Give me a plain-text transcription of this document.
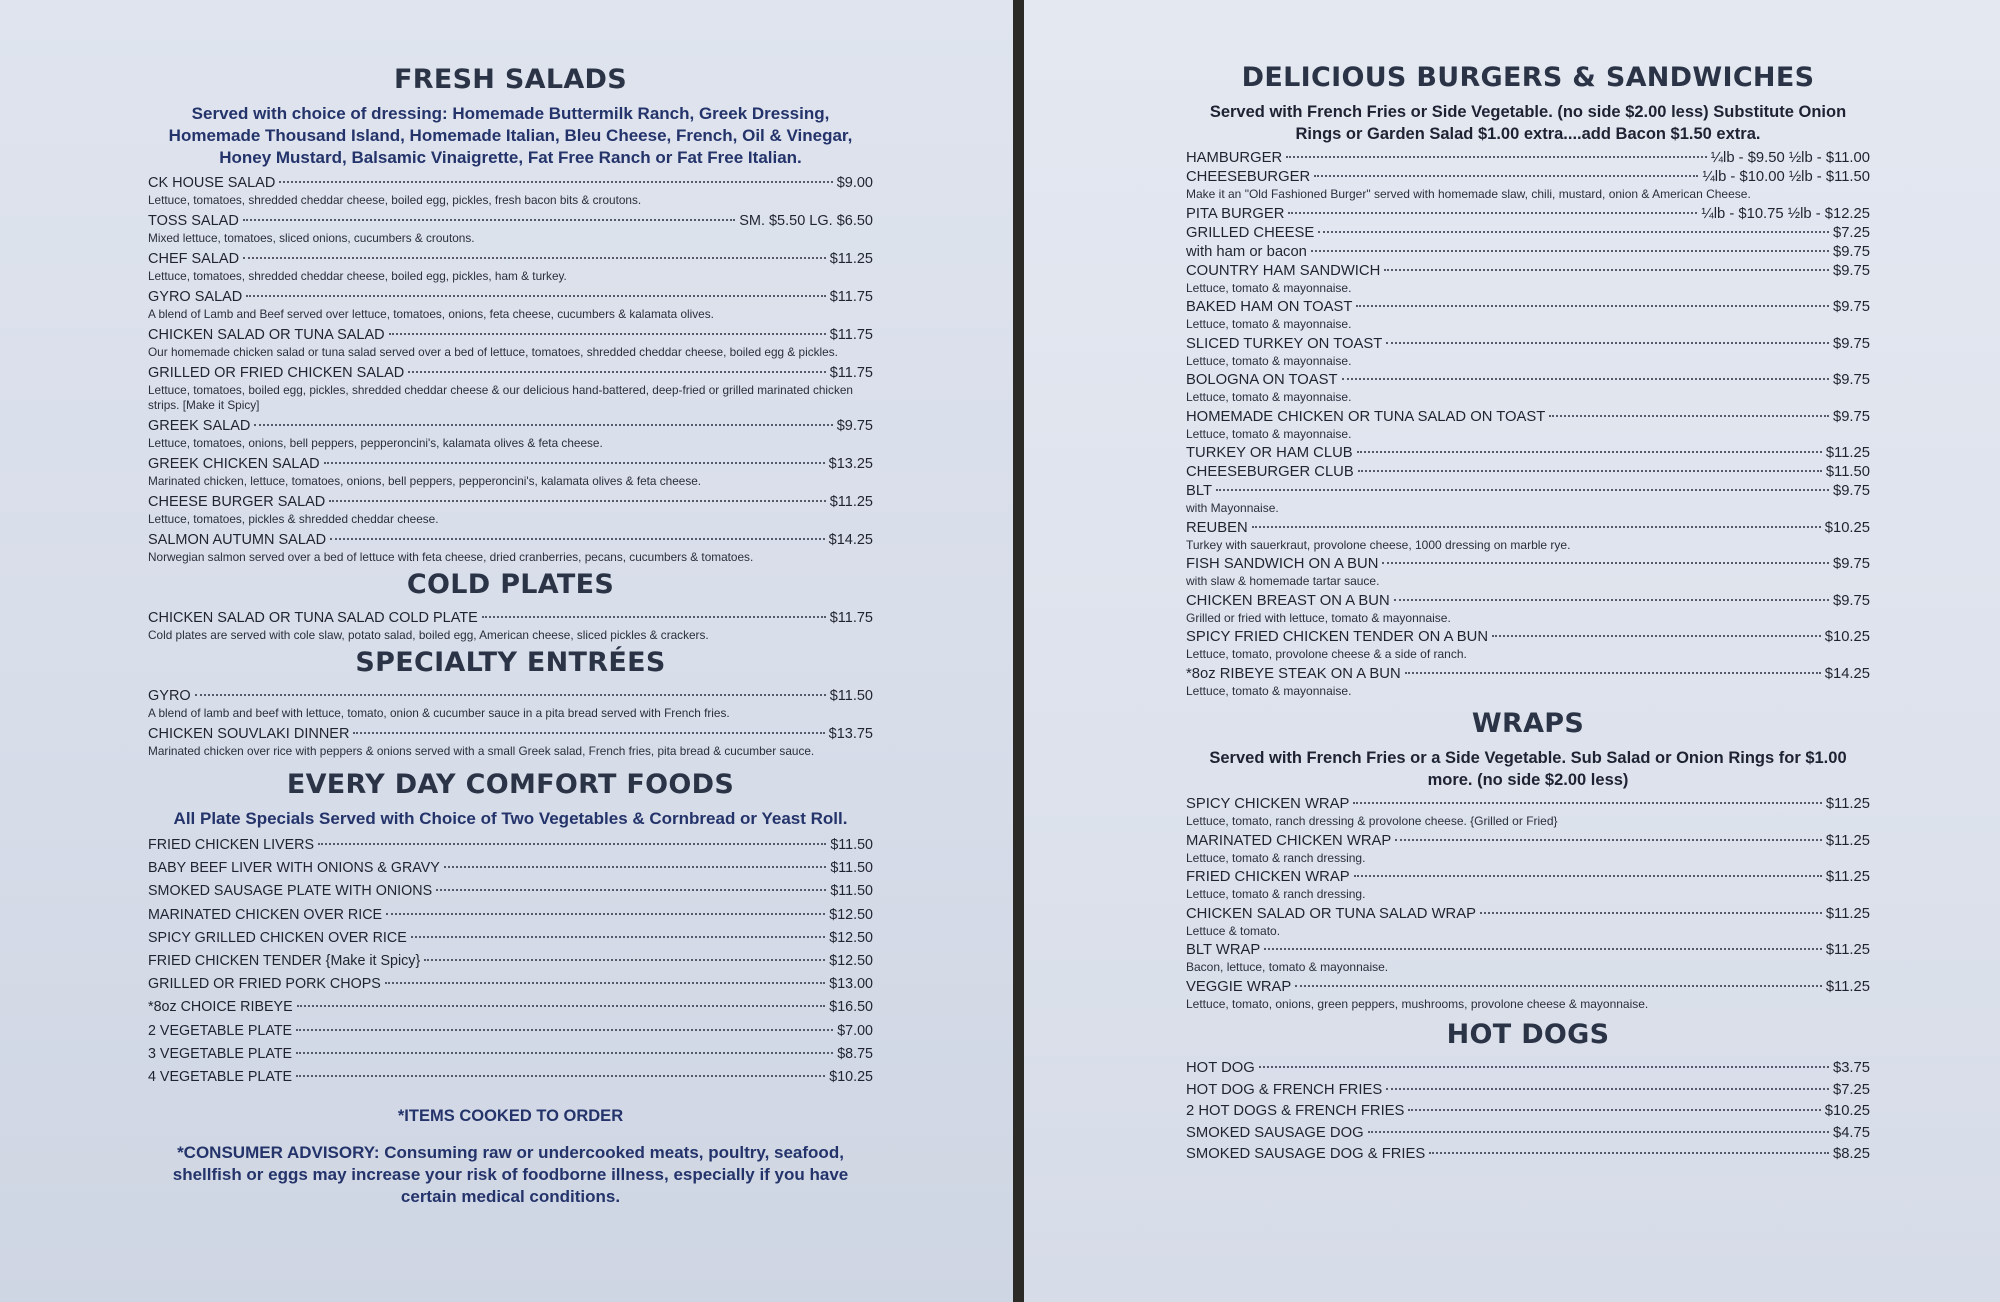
FRESH SALADS
Served with choice of dressing: Homemade Buttermilk Ranch, Greek Dressing, Homemade Thousand Island, Homemade Italian, Bleu Cheese, French, Oil & Vinegar, Honey Mustard, Balsamic Vinaigrette, Fat Free Ranch or Fat Free Italian.
CK HOUSE SALAD	$9.00
Lettuce, tomatoes, shredded cheddar cheese, boiled egg, pickles, fresh bacon bits & croutons.
TOSS SALAD	SM. $5.50 LG. $6.50
Mixed lettuce, tomatoes, sliced onions, cucumbers & croutons.
CHEF SALAD	$11.25
Lettuce, tomatoes, shredded cheddar cheese, boiled egg, pickles, ham & turkey.
GYRO SALAD	$11.75
A blend of Lamb and Beef served over lettuce, tomatoes, onions, feta cheese, cucumbers & kalamata olives.
CHICKEN SALAD OR TUNA SALAD	$11.75
Our homemade chicken salad or tuna salad served over a bed of lettuce, tomatoes, shredded cheddar cheese, boiled egg & pickles.
GRILLED OR FRIED CHICKEN SALAD	$11.75
Lettuce, tomatoes, boiled egg, pickles, shredded cheddar cheese & our delicious hand-battered, deep-fried or grilled marinated chicken strips. [Make it Spicy]
GREEK SALAD	$9.75
Lettuce, tomatoes, onions, bell peppers, pepperoncini's, kalamata olives & feta cheese.
GREEK CHICKEN SALAD	$13.25
Marinated chicken, lettuce, tomatoes, onions, bell peppers, pepperoncini's, kalamata olives & feta cheese.
CHEESE BURGER SALAD	$11.25
Lettuce, tomatoes, pickles & shredded cheddar cheese.
SALMON AUTUMN SALAD	$14.25
Norwegian salmon served over a bed of lettuce with feta cheese, dried cranberries, pecans, cucumbers & tomatoes.
COLD PLATES
CHICKEN SALAD OR TUNA SALAD COLD PLATE	$11.75
Cold plates are served with cole slaw, potato salad, boiled egg, American cheese, sliced pickles & crackers.
SPECIALTY ENTRÉES
GYRO	$11.50
A blend of lamb and beef with lettuce, tomato, onion & cucumber sauce in a pita bread served with French fries.
CHICKEN SOUVLAKI DINNER	$13.75
Marinated chicken over rice with peppers & onions served with a small Greek salad, French fries, pita bread & cucumber sauce.
EVERY DAY COMFORT FOODS
All Plate Specials Served with Choice of Two Vegetables & Cornbread or Yeast Roll.
FRIED CHICKEN LIVERS	$11.50
BABY BEEF LIVER WITH ONIONS & GRAVY	$11.50
SMOKED SAUSAGE PLATE WITH ONIONS	$11.50
MARINATED CHICKEN OVER RICE	$12.50
SPICY GRILLED CHICKEN OVER RICE	$12.50
FRIED CHICKEN TENDER {Make it Spicy}	$12.50
GRILLED OR FRIED PORK CHOPS	$13.00
*8oz CHOICE RIBEYE	$16.50
2 VEGETABLE PLATE	$7.00
3 VEGETABLE PLATE	$8.75
4 VEGETABLE PLATE	$10.25
*ITEMS COOKED TO ORDER
*CONSUMER ADVISORY: Consuming raw or undercooked meats, poultry, seafood, shellfish or eggs may increase your risk of foodborne illness, especially if you have certain medical conditions.
DELICIOUS BURGERS & SANDWICHES
Served with French Fries or Side Vegetable. (no side $2.00 less) Substitute Onion Rings or Garden Salad $1.00 extra....add Bacon $1.50 extra.
HAMBURGER	¼lb - $9.50 ½lb - $11.00
CHEESEBURGER	¼lb - $10.00 ½lb - $11.50
Make it an "Old Fashioned Burger" served with homemade slaw, chili, mustard, onion & American Cheese.
PITA BURGER	¼lb - $10.75 ½lb - $12.25
GRILLED CHEESE	$7.25
with ham or bacon	$9.75
COUNTRY HAM SANDWICH	$9.75
Lettuce, tomato & mayonnaise.
BAKED HAM ON TOAST	$9.75
Lettuce, tomato & mayonnaise.
SLICED TURKEY ON TOAST	$9.75
Lettuce, tomato & mayonnaise.
BOLOGNA ON TOAST	$9.75
Lettuce, tomato & mayonnaise.
HOMEMADE CHICKEN OR TUNA SALAD ON TOAST	$9.75
Lettuce, tomato & mayonnaise.
TURKEY OR HAM CLUB	$11.25
CHEESEBURGER CLUB	$11.50
BLT	$9.75
with Mayonnaise.
REUBEN	$10.25
Turkey with sauerkraut, provolone cheese, 1000 dressing on marble rye.
FISH SANDWICH ON A BUN	$9.75
with slaw & homemade tartar sauce.
CHICKEN BREAST ON A BUN	$9.75
Grilled or fried with lettuce, tomato & mayonnaise.
SPICY FRIED CHICKEN TENDER ON A BUN	$10.25
Lettuce, tomato, provolone cheese & a side of ranch.
*8oz RIBEYE STEAK ON A BUN	$14.25
Lettuce, tomato & mayonnaise.
WRAPS
Served with French Fries or a Side Vegetable. Sub Salad or Onion Rings for $1.00 more. (no side $2.00 less)
SPICY CHICKEN WRAP	$11.25
Lettuce, tomato, ranch dressing & provolone cheese. {Grilled or Fried}
MARINATED CHICKEN WRAP	$11.25
Lettuce, tomato & ranch dressing.
FRIED CHICKEN WRAP	$11.25
Lettuce, tomato & ranch dressing.
CHICKEN SALAD OR TUNA SALAD WRAP	$11.25
Lettuce & tomato.
BLT WRAP	$11.25
Bacon, lettuce, tomato & mayonnaise.
VEGGIE WRAP	$11.25
Lettuce, tomato, onions, green peppers, mushrooms, provolone cheese & mayonnaise.
HOT DOGS
HOT DOG	$3.75
HOT DOG & FRENCH FRIES	$7.25
2 HOT DOGS & FRENCH FRIES	$10.25
SMOKED SAUSAGE DOG	$4.75
SMOKED SAUSAGE DOG & FRIES	$8.25
